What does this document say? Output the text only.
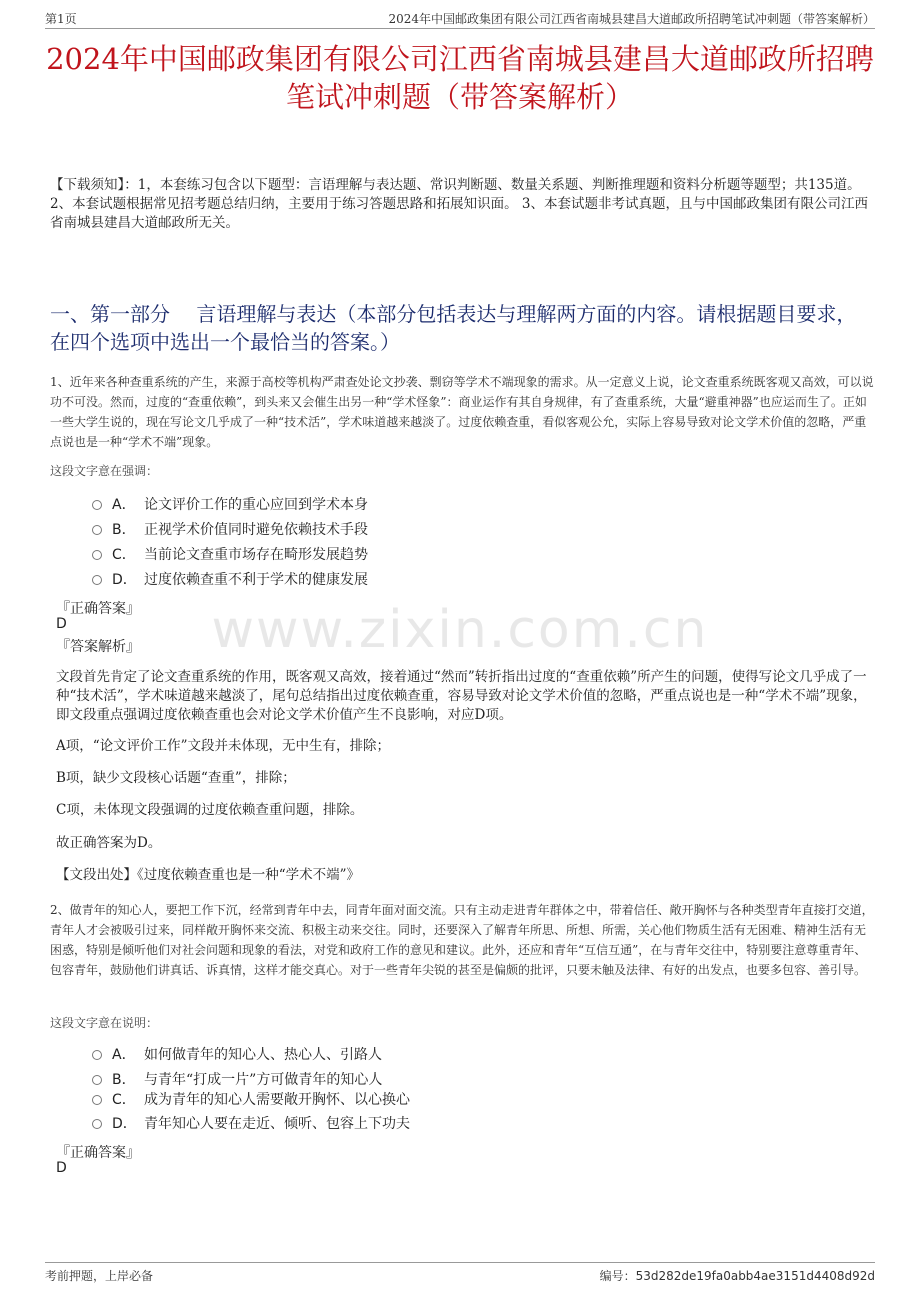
第1页	2024年中国邮政集团有限公司江西省南城县建昌大道邮政所招聘笔试冲刺题（带答案解析）
www.zixin.com.cn
2024年中国邮政集团有限公司江西省南城县建昌大道邮政所招聘笔试冲刺题（带答案解析）
【下载须知】：1，本套练习包含以下题型：言语理解与表达题、常识判断题、数量关系题、判断推理题和资料分析题等题型；共135道。 2、本套试题根据常见招考题总结归纳，主要用于练习答题思路和拓展知识面。 3、本套试题非考试真题，且与中国邮政集团有限公司江西省南城县建昌大道邮政所无关。
一、第一部分　 言语理解与表达（本部分包括表达与理解两方面的内容。请根据题目要求，在四个选项中选出一个最恰当的答案。）
1、近年来各种查重系统的产生，来源于高校等机构严肃查处论文抄袭、剽窃等学术不端现象的需求。从一定意义上说，论文查重系统既客观又高效，可以说功不可没。然而，过度的“查重依赖”，到头来又会催生出另一种“学术怪象”：商业运作有其自身规律，有了查重系统，大量“避重神器”也应运而生了。正如一些大学生说的，现在写论文几乎成了一种“技术活”，学术味道越来越淡了。过度依赖查重，看似客观公允，实际上容易导致对论文学术价值的忽略，严重点说也是一种“学术不端”现象。
这段文字意在强调：
A． 论文评价工作的重心应回到学术本身
B． 正视学术价值同时避免依赖技术手段
C． 当前论文查重市场存在畸形发展趋势
D． 过度依赖查重不利于学术的健康发展
『正确答案』
D
『答案解析』
文段首先肯定了论文查重系统的作用，既客观又高效，接着通过“然而”转折指出过度的“查重依赖”所产生的问题，使得写论文几乎成了一种“技术活”，学术味道越来越淡了，尾句总结指出过度依赖查重，容易导致对论文学术价值的忽略，严重点说也是一种“学术不端”现象，即文段重点强调过度依赖查重也会对论文学术价值产生不良影响，对应D项。
A项，“论文评价工作”文段并未体现，无中生有，排除；
B项，缺少文段核心话题“查重”，排除；
C项，未体现文段强调的过度依赖查重问题，排除。
故正确答案为D。
【文段出处】《过度依赖查重也是一种“学术不端”》
2、做青年的知心人，要把工作下沉，经常到青年中去，同青年面对面交流。只有主动走进青年群体之中，带着信任、敞开胸怀与各种类型青年直接打交道，青年人才会被吸引过来，同样敞开胸怀来交流、积极主动来交往。同时，还要深入了解青年所思、所想、所需，关心他们物质生活有无困难、精神生活有无困惑，特别是倾听他们对社会问题和现象的看法，对党和政府工作的意见和建议。此外，还应和青年“互信互通”，在与青年交往中，特别要注意尊重青年、包容青年，鼓励他们讲真话、诉真情，这样才能交真心。对于一些青年尖锐的甚至是偏颇的批评，只要未触及法律、有好的出发点，也要多包容、善引导。
这段文字意在说明：
A． 如何做青年的知心人、热心人、引路人
B． 与青年“打成一片”方可做青年的知心人
C． 成为青年的知心人需要敞开胸怀、以心换心
D． 青年知心人要在走近、倾听、包容上下功夫
『正确答案』
D
考前押题，上岸必备	编号：53d282de19fa0abb4ae3151d4408d92d
